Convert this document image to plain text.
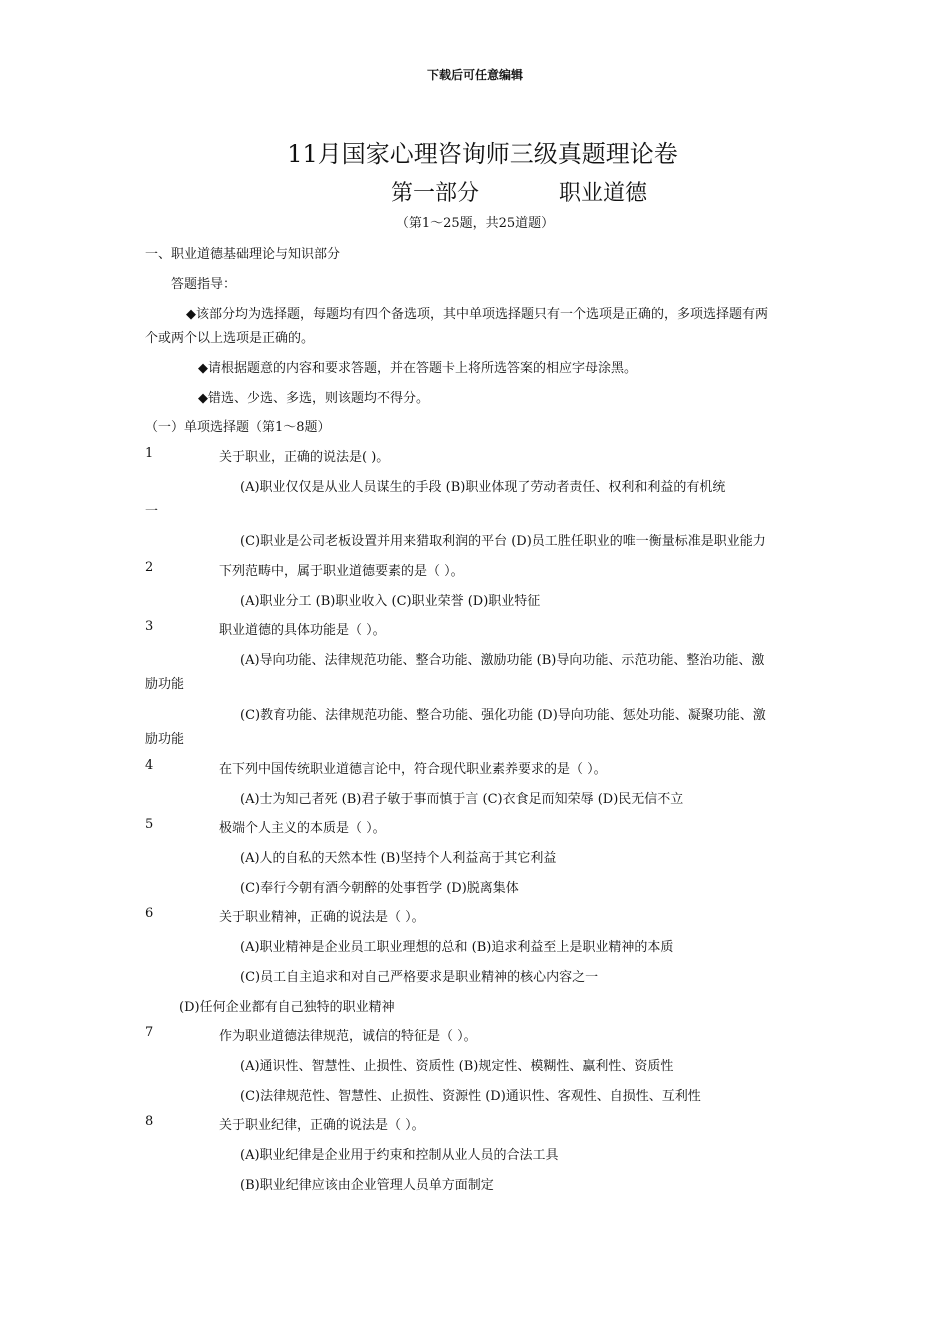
下载后可任意编辑
11月国家心理咨询师三级真题理论卷
第一部分	职业道德
（第1～25题，共25道题）
一、职业道德基础理论与知识部分
答题指导：
◆该部分均为选择题，每题均有四个备选项，其中单项选择题只有一个选项是正确的，多项选择题有两
个或两个以上选项是正确的。
◆请根据题意的内容和要求答题，并在答题卡上将所选答案的相应字母涂黑。
◆错选、少选、多选，则该题均不得分。
（一）单项选择题（第1～8题）
1	关于职业，正确的说法是( )。
(A)职业仅仅是从业人员谋生的手段 (B)职业体现了劳动者责任、权利和利益的有机统
一
(C)职业是公司老板设置并用来猎取利润的平台 (D)员工胜任职业的唯一衡量标准是职业能力
2	下列范畴中，属于职业道德要素的是（ ）。
(A)职业分工 (B)职业收入 (C)职业荣誉 (D)职业特征
3	职业道德的具体功能是（ ）。
(A)导向功能、法律规范功能、整合功能、激励功能 (B)导向功能、示范功能、整治功能、激
励功能
(C)教育功能、法律规范功能、整合功能、强化功能 (D)导向功能、惩处功能、凝聚功能、激
励功能
4	在下列中国传统职业道德言论中，符合现代职业素养要求的是（ ）。
(A)士为知己者死 (B)君子敏于事而慎于言 (C)衣食足而知荣辱 (D)民无信不立
5	极端个人主义的本质是（ ）。
(A)人的自私的天然本性 (B)坚持个人利益高于其它利益
(C)奉行今朝有酒今朝醉的处事哲学 (D)脱离集体
6	关于职业精神，正确的说法是（ ）。
(A)职业精神是企业员工职业理想的总和 (B)追求利益至上是职业精神的本质
(C)员工自主追求和对自己严格要求是职业精神的核心内容之一
(D)任何企业都有自己独特的职业精神
7	作为职业道德法律规范，诚信的特征是（ ）。
(A)通识性、智慧性、止损性、资质性 (B)规定性、模糊性、赢利性、资质性
(C)法律规范性、智慧性、止损性、资源性 (D)通识性、客观性、自损性、互利性
8	关于职业纪律，正确的说法是（ ）。
(A)职业纪律是企业用于约束和控制从业人员的合法工具
(B)职业纪律应该由企业管理人员单方面制定
